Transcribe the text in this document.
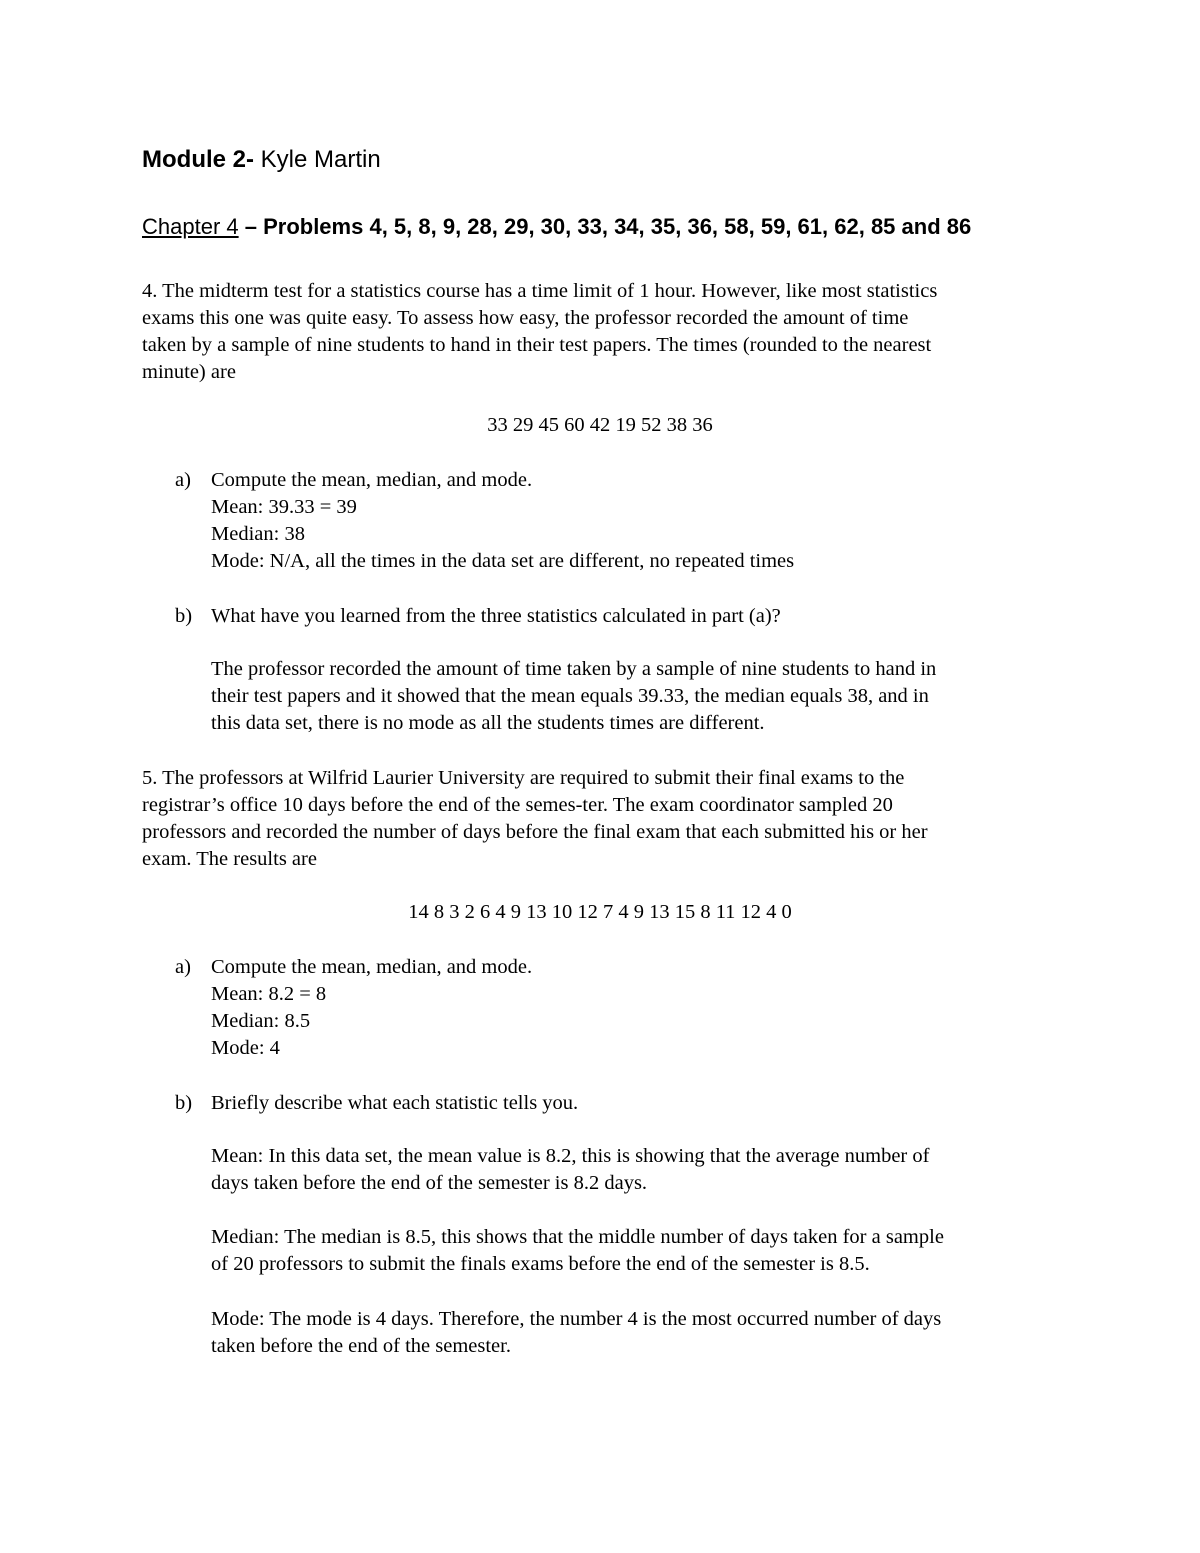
Module 2- Kyle Martin
Chapter 4 – Problems 4, 5, 8, 9, 28, 29, 30, 33, 34, 35, 36, 58, 59, 61, 62, 85 and 86
4. The midterm test for a statistics course has a time limit of 1 hour. However, like most statistics
exams this one was quite easy. To assess how easy, the professor recorded the amount of time
taken by a sample of nine students to hand in their test papers. The times (rounded to the nearest
minute) are
33 29 45 60 42 19 52 38 36
a) Compute the mean, median, and mode.
Mean: 39.33 = 39
Median: 38
Mode: N/A, all the times in the data set are different, no repeated times
b) What have you learned from the three statistics calculated in part (a)?
The professor recorded the amount of time taken by a sample of nine students to hand in
their test papers and it showed that the mean equals 39.33, the median equals 38, and in
this data set, there is no mode as all the students times are different.
5. The professors at Wilfrid Laurier University are required to submit their final exams to the
registrar’s office 10 days before the end of the semes-ter. The exam coordinator sampled 20
professors and recorded the number of days before the final exam that each submitted his or her
exam. The results are
14 8 3 2 6 4 9 13 10 12 7 4 9 13 15 8 11 12 4 0
a) Compute the mean, median, and mode.
Mean: 8.2 = 8
Median: 8.5
Mode: 4
b) Briefly describe what each statistic tells you.
Mean: In this data set, the mean value is 8.2, this is showing that the average number of
days taken before the end of the semester is 8.2 days.
Median: The median is 8.5, this shows that the middle number of days taken for a sample
of 20 professors to submit the finals exams before the end of the semester is 8.5.
Mode: The mode is 4 days. Therefore, the number 4 is the most occurred number of days
taken before the end of the semester.
